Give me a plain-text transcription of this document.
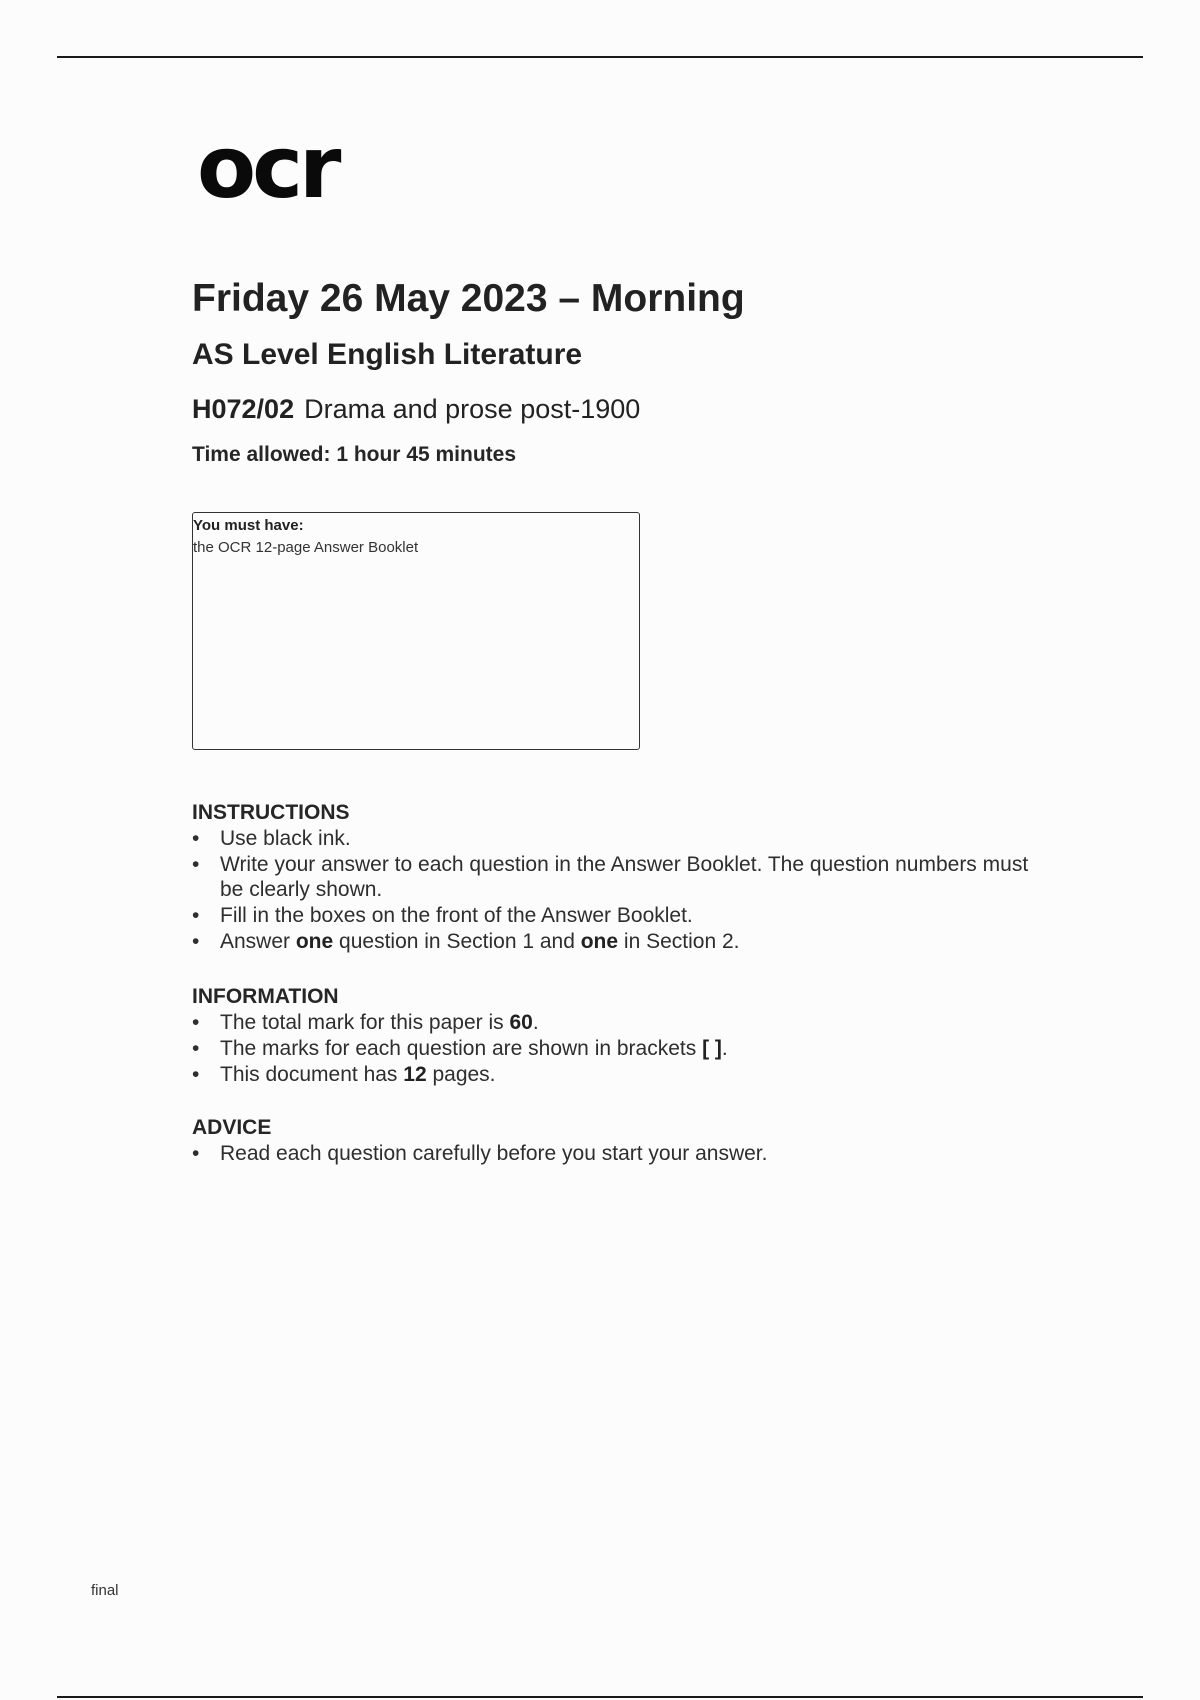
ocr
Friday 26 May 2023 – Morning
AS Level English Literature
H072/02 Drama and prose post-1900
Time allowed: 1 hour 45 minutes
You must have:
the OCR 12-page Answer Booklet
INSTRUCTIONS
• Use black ink.
• Write your answer to each question in the Answer Booklet. The question numbers must be clearly shown.
• Fill in the boxes on the front of the Answer Booklet.
• Answer one question in Section 1 and one in Section 2.
INFORMATION
• The total mark for this paper is 60.
• The marks for each question are shown in brackets [ ].
• This document has 12 pages.
ADVICE
• Read each question carefully before you start your answer.
final
